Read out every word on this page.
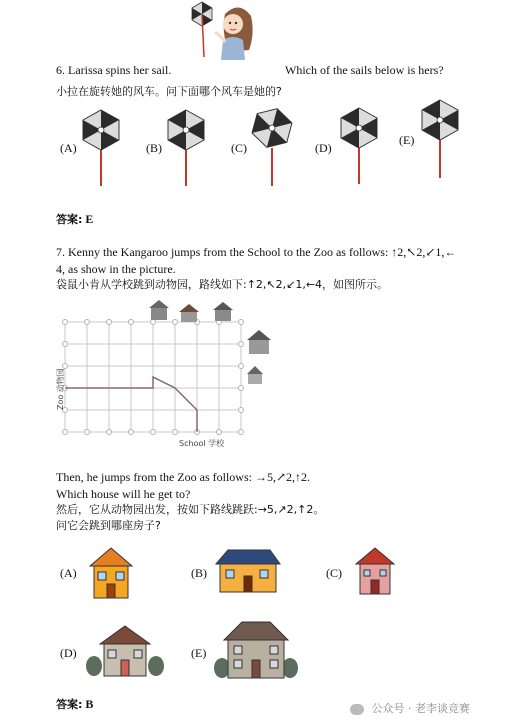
6. Larissa spins her sail.	Which of the sails below is hers?
小拉在旋转她的风车。问下面哪个风车是她的?
(A)	(B)	(C)	(D)
(E)
答案: E
7. Kenny the Kangaroo jumps from the School to the Zoo as follows: ↑2,↖2,↙1,←
4, as show in the picture.
袋鼠小肯从学校跳到动物园，路线如下:↑2,↖2,↙1,←4，如图所示。
School 学校
Zoo 动物园
Then, he jumps from the Zoo as follows: →5,↗2,↑2.
Which house will he get to?
然后，它从动物园出发，按如下路线跳跃:→5,↗2,↑2。
问它会跳到哪座房子?
(A)	(B)	(C)
(D)	(E)
答案: B	公众号 · 老李谈竞赛
